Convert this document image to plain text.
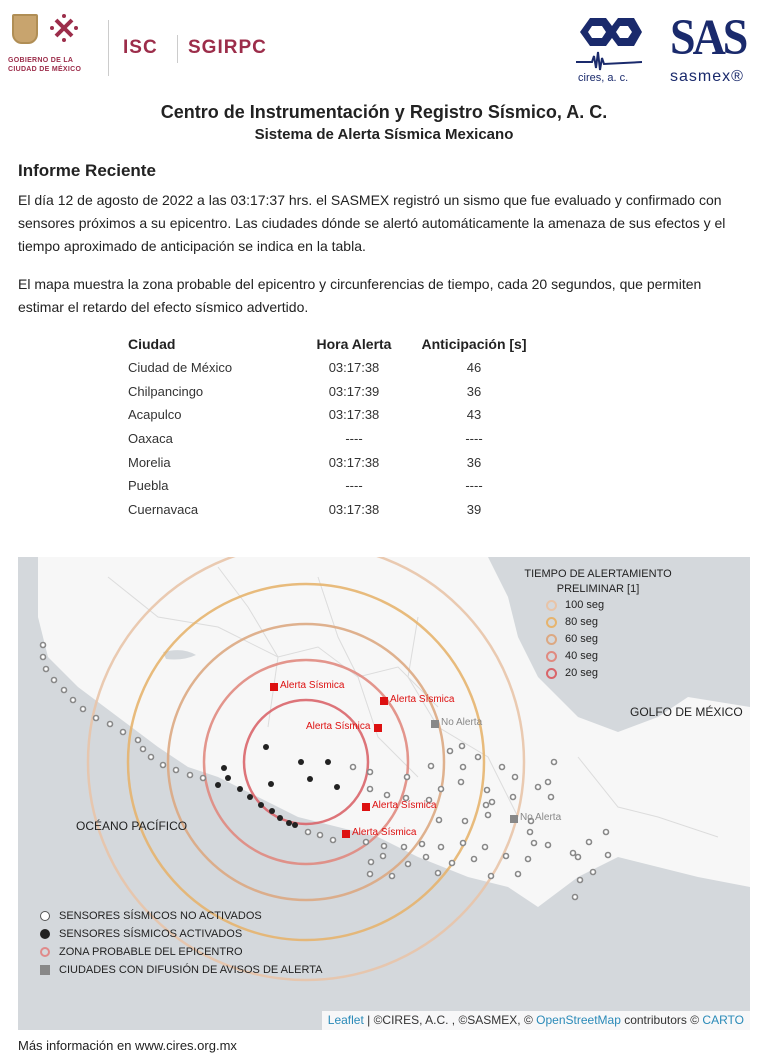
GOBIERNO DE LA
CIUDAD DE MÉXICO
ISC SGIRPC
cires, a. c.
SAS
sasmex®
Centro de Instrumentación y Registro Sísmico, A. C.
Sistema de Alerta Sísmica Mexicano
Informe Reciente

El día 12 de agosto de 2022 a las 03:17:37 hrs. el SASMEX registró un sismo que fue evaluado y confirmado con sensores próximos a su epicentro. Las ciudades dónde se alertó automáticamente la amenaza de sus efectos y el tiempo aproximado de anticipación se indica en la tabla.

El mapa muestra la zona probable del epicentro y circunferencias de tiempo, cada 20 segundos, que permiten estimar el retardo del efecto sísmico advertido.

Ciudad	Hora Alerta	Anticipación [s]
Ciudad de México	03:17:38	46
Chilpancingo	03:17:39	36
Acapulco	03:17:38	43
Oaxaca	----	----
Morelia	03:17:38	36
Puebla	----	----
Cuernavaca	03:17:38	39
Alerta Sísmica
Alerta Sísmica
Alerta Sísmica	No Alerta
Alerta Sísmica
Alerta Sísmica
No Alerta
GOLFO DE MÉXICO
OCÉANO PACÍFICO
TIEMPO DE ALERTAMIENTO
PRELIMINAR [1]
100 seg
80 seg
60 seg
40 seg
20 seg
SENSORES SÍSMICOS NO ACTIVADOS
SENSORES SÍSMICOS ACTIVADOS
ZONA PROBABLE DEL EPICENTRO
CIUDADES CON DIFUSIÓN DE AVISOS DE ALERTA
Leaflet | ©CIRES, A.C. , ©SASMEX, © OpenStreetMap contributors © CARTO
Más información en www.cires.org.mx
